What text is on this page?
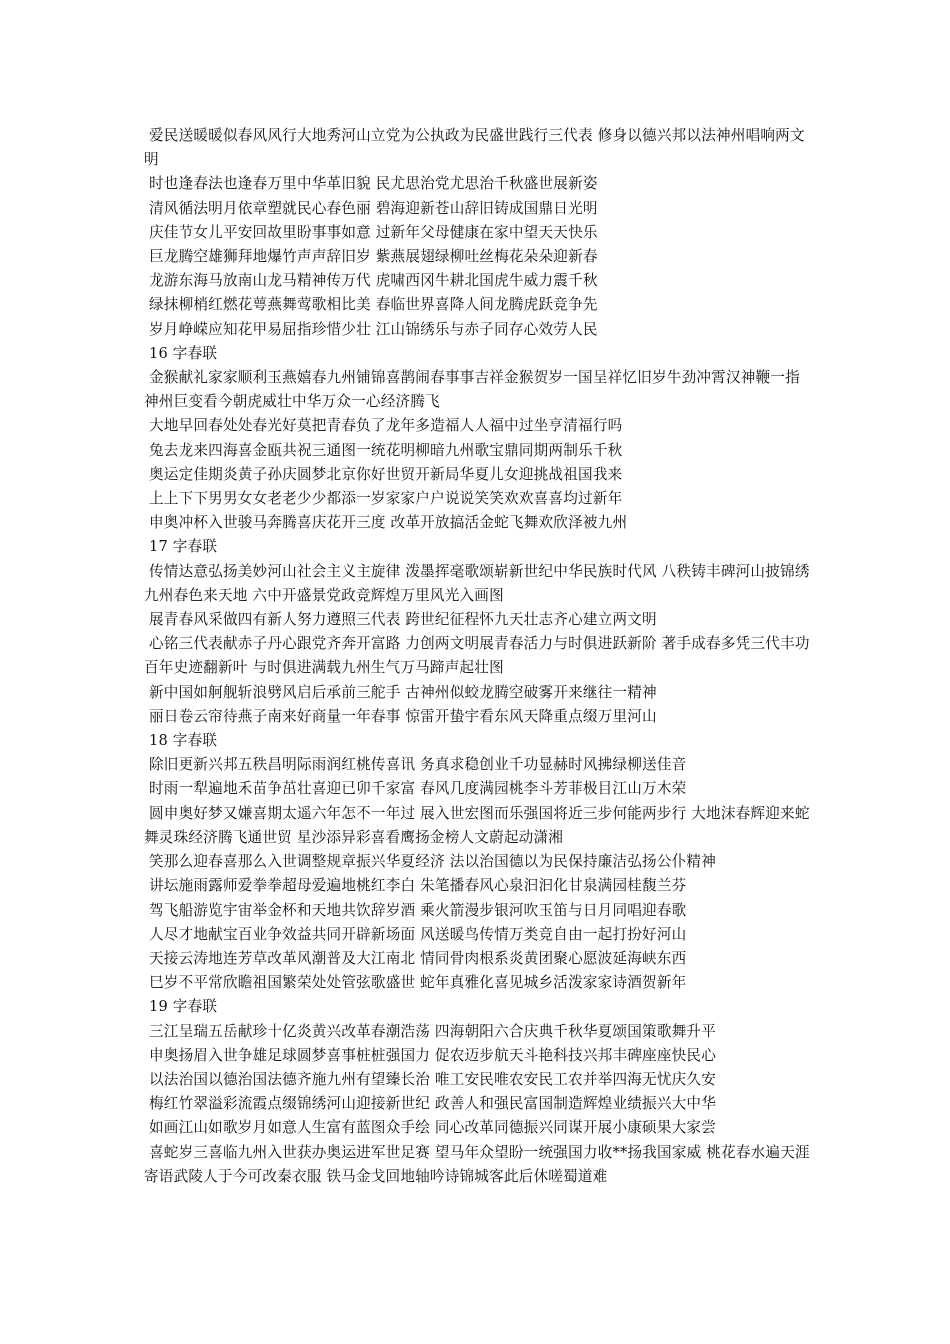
爱民送暖暖似春风风行大地秀河山立党为公执政为民盛世践行三代表 修身以德兴邦以法神州唱响两文明

时也逢春法也逢春万里中华革旧貌 民尤思治党尤思治千秋盛世展新姿

清风循法明月依章塑就民心春色丽 碧海迎新苍山辞旧铸成国鼎日光明

庆佳节女儿平安回故里盼事事如意 过新年父母健康在家中望天天快乐

巨龙腾空雄狮拜地爆竹声声辞旧岁 紫燕展翅绿柳吐丝梅花朵朵迎新春

龙游东海马放南山龙马精神传万代 虎啸西冈牛耕北国虎牛威力震千秋

绿抹柳梢红燃花萼燕舞莺歌相比美 春临世界喜降人间龙腾虎跃竞争先

岁月峥嵘应知花甲易屈指珍惜少壮 江山锦绣乐与赤子同存心效劳人民

16 字春联

金猴献礼家家顺利玉燕嬉春九州铺锦喜鹊闹春事事吉祥金猴贺岁一国呈祥忆旧岁牛劲冲霄汉神鞭一指神州巨变看今朝虎威壮中华万众一心经济腾飞

大地早回春处处春光好莫把青春负了龙年多造福人人福中过坐亨清福行吗

兔去龙来四海喜金瓯共祝三通图一统花明柳暗九州歌宝鼎同期两制乐千秋

奥运定佳期炎黄子孙庆圆梦北京你好世贸开新局华夏儿女迎挑战祖国我来

上上下下男男女女老老少少都添一岁家家户户说说笑笑欢欢喜喜均过新年

申奥冲杯入世骏马奔腾喜庆花开三度 改革开放搞活金蛇飞舞欢欣泽被九州

17 字春联

传情达意弘扬美妙河山社会主义主旋律 泼墨挥毫歌颂崭新世纪中华民族时代风 八秩铸丰碑河山披锦绣九州春色来天地 六中开盛景党政竞辉煌万里风光入画图

展青春风采做四有新人努力遵照三代表 跨世纪征程怀九天壮志齐心建立两文明

心铭三代表献赤子丹心跟党齐奔开富路 力创两文明展青春活力与时俱进跃新阶 著手成春多凭三代丰功百年史迹翻新叶 与时俱进满载九州生气万马蹄声起壮图

新中国如舸舰斩浪劈风启后承前三舵手 古神州似蛟龙腾空破雾开来继往一精神

丽日卷云帘待燕子南来好商量一年春事 惊雷开蛰宇看东风天降重点缀万里河山

18 字春联

除旧更新兴邦五秩昌明际雨润红桃传喜讯 务真求稳创业千功显赫时风拂绿柳送佳音

时雨一犁遍地禾苗争茁壮喜迎已卯千家富 春风几度满园桃李斗芳菲极目江山万木荣

圆申奥好梦又嫌喜期太遥六年怎不一年过 展入世宏图而乐强国将近三步何能两步行 大地沫春辉迎来蛇舞灵珠经济腾飞通世贸 星沙添异彩喜看鹰扬金榜人文蔚起动潇湘

笑那么迎春喜那么入世调整规章振兴华夏经济 法以治国德以为民保持廉洁弘扬公仆精神

讲坛施雨露师爱拳拳超母爱遍地桃红李白 朱笔播春风心泉汩汩化甘泉满园桂馥兰芬

驾飞船游览宇宙举金杯和天地共饮辞岁酒 乘火箭漫步银河吹玉笛与日月同唱迎春歌

人尽才地献宝百业争效益共同开辟新场面 风送暖鸟传情万类竞自由一起打扮好河山

天接云涛地连芳草改革风潮普及大江南北 情同骨肉根系炎黄团聚心愿波延海峡东西

巳岁不平常欣瞻祖国繁荣处处管弦歌盛世 蛇年真雅化喜见城乡活泼家家诗酒贺新年

19 字春联

三江呈瑞五岳献珍十亿炎黄兴改革春潮浩荡 四海朝阳六合庆典千秋华夏颂国策歌舞升平

申奥扬眉入世争雄足球圆梦喜事桩桩强国力 促农迈步航天斗艳科技兴邦丰碑座座快民心

以法治国以德治国法德齐施九州有望臻长治 唯工安民唯农安民工农并举四海无忧庆久安

梅红竹翠溢彩流霞点缀锦绣河山迎接新世纪 政善人和强民富国制造辉煌业绩振兴大中华

如画江山如歌岁月如意人生富有蓝图众手绘 同心改革同德振兴同谋开展小康硕果大家尝

喜蛇岁三喜临九州入世获办奥运进军世足赛 望马年众望盼一统强国力收**扬我国家威 桃花春水遍天涯寄语武陵人于今可改秦衣服 铁马金戈回地轴吟诗锦城客此后休嗟蜀道难
